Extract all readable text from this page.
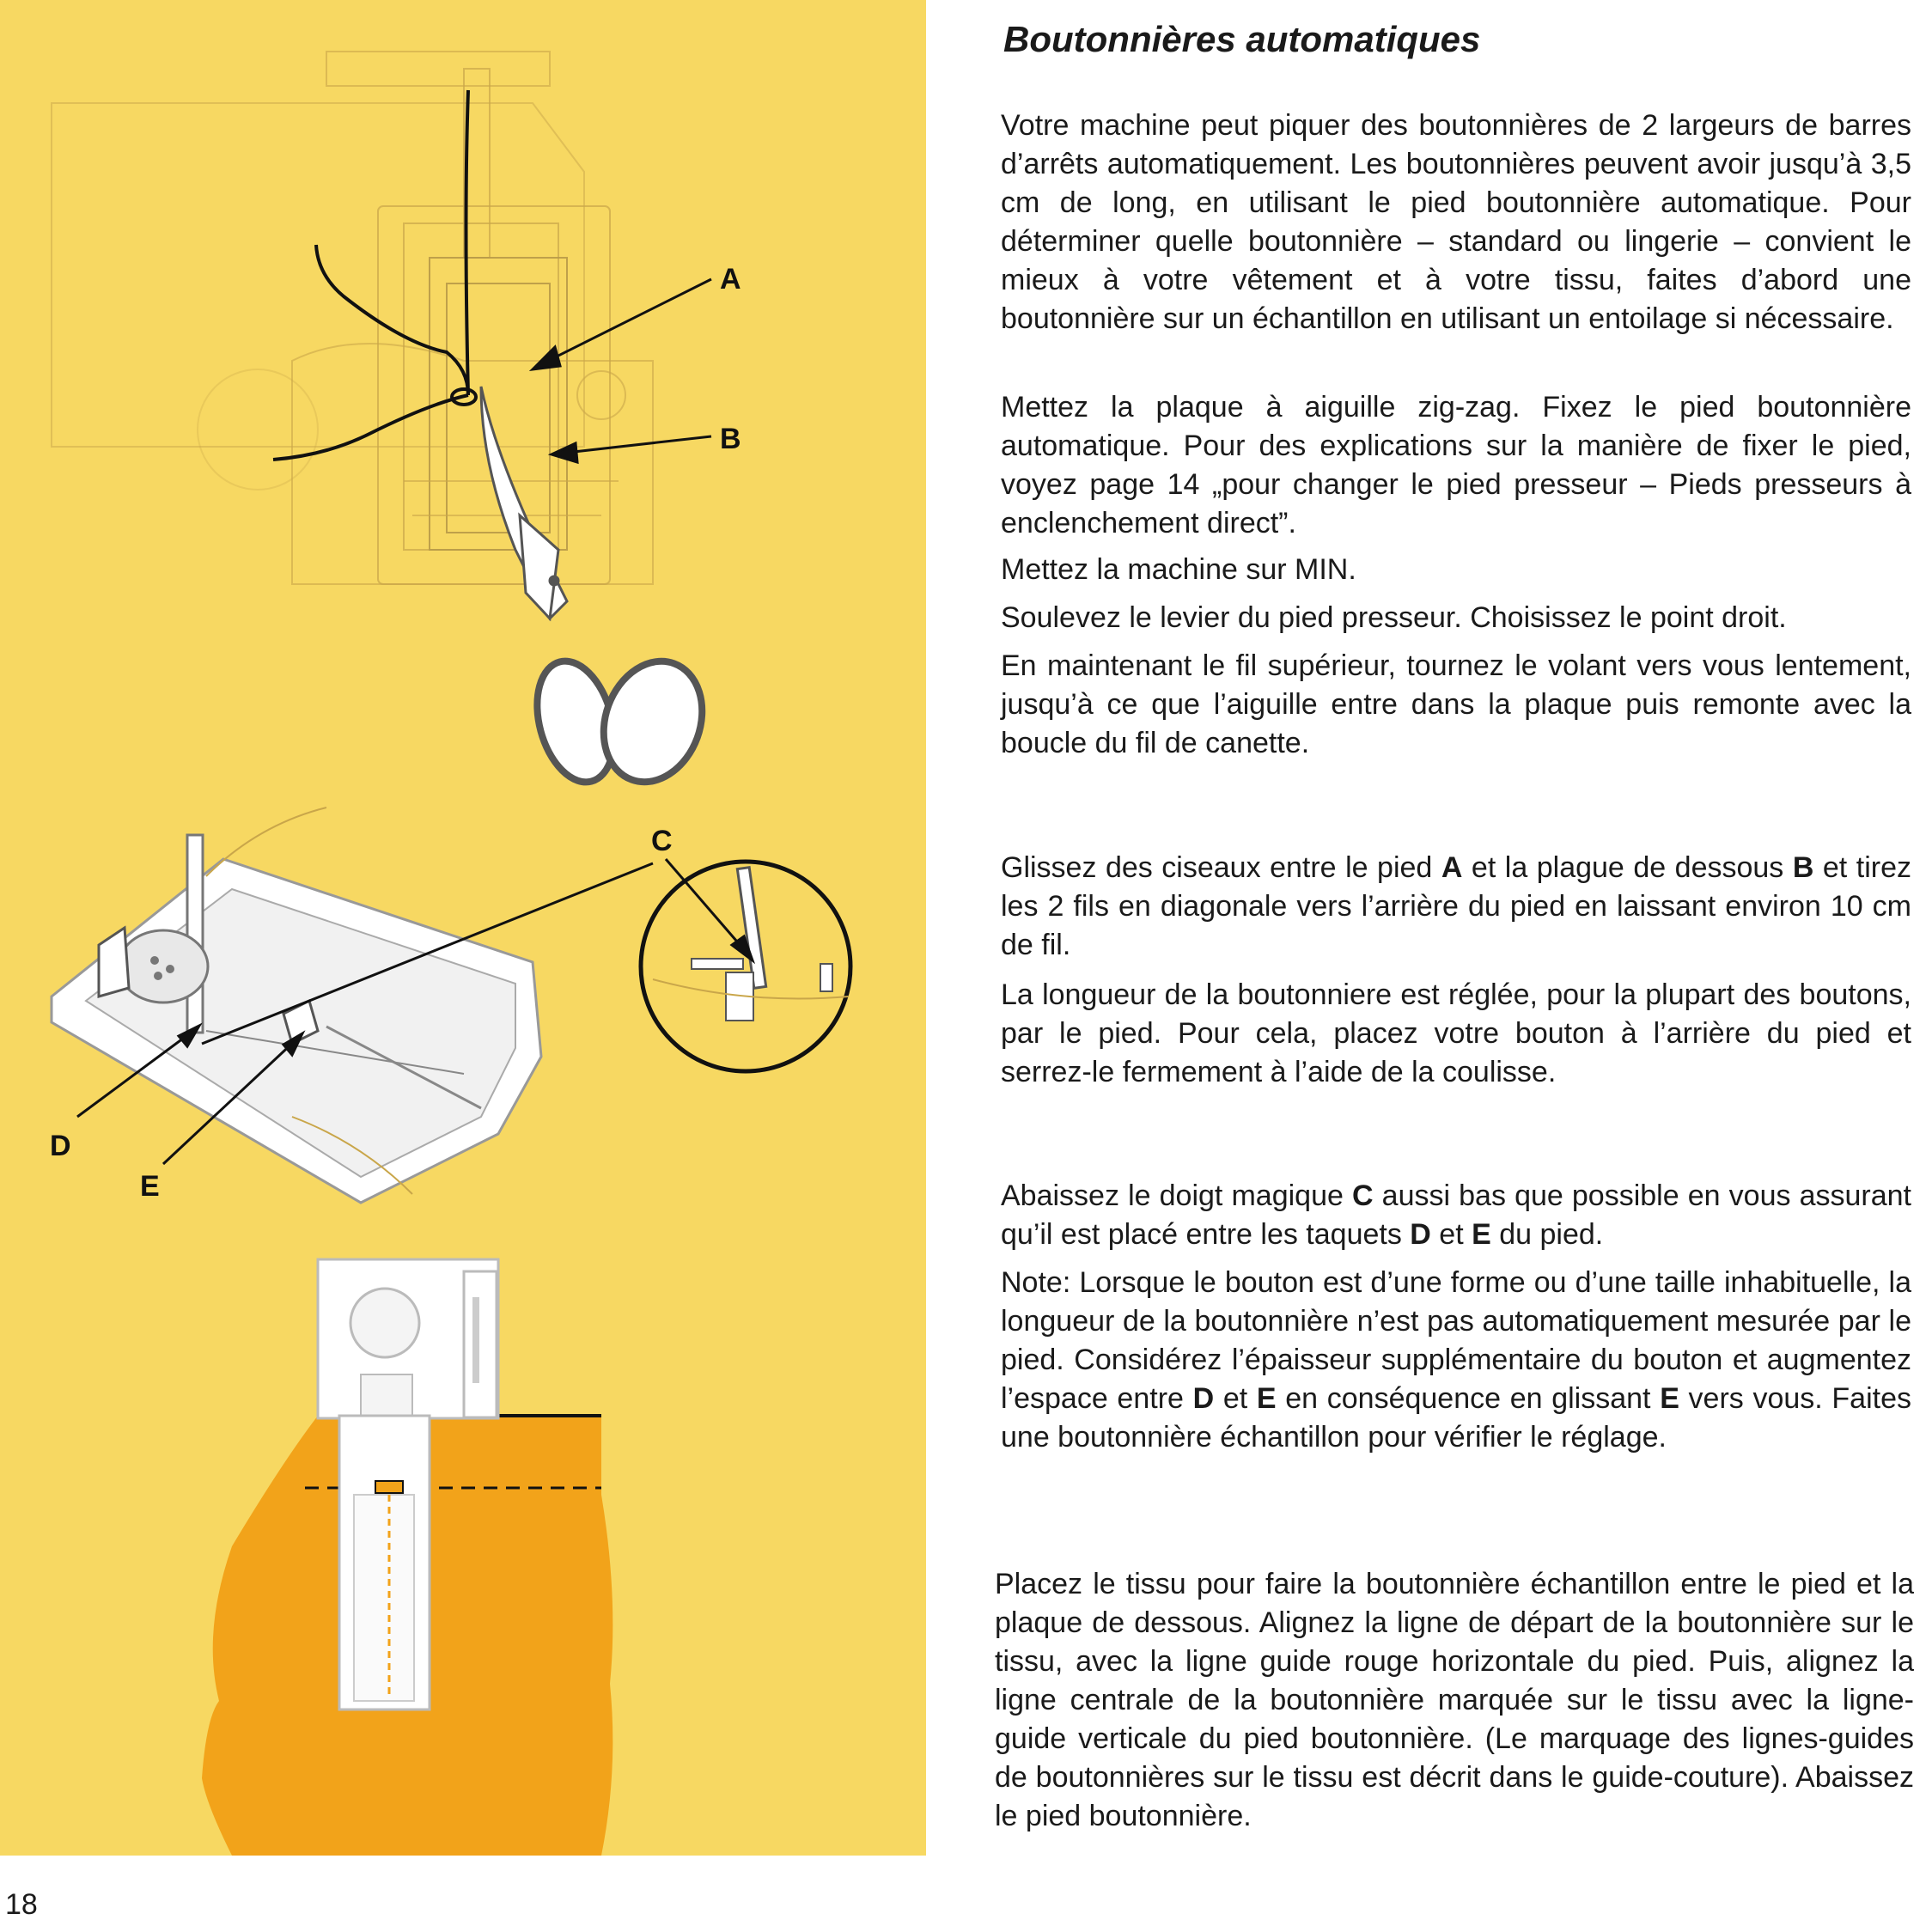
A
B
C
D
E
Boutonnières automatiques

Votre machine peut piquer des boutonnières de 2 largeurs de barres d’arrêts automatiquement. Les boutonnières peuvent avoir jusqu’à 3,5 cm de long, en utilisant le pied boutonnière automatique. Pour déterminer quelle boutonnière – standard ou lingerie – convient le mieux à votre vêtement et à votre tissu, faites d’abord une boutonnière sur un échantillon en utilisant un entoilage si nécessaire.

Mettez la plaque à aiguille zig-zag. Fixez le pied boutonnière automatique. Pour des explications sur la manière de fixer le pied, voyez page 14 „pour changer le pied presseur – Pieds presseurs à enclenchement direct”.

Mettez la machine sur MIN.

Soulevez le levier du pied presseur. Choisissez le point droit.

En maintenant le fil supérieur, tournez le volant vers vous lentement, jusqu’à ce que l’aiguille entre dans la plaque puis remonte avec la boucle du fil de canette.

Glissez des ciseaux entre le pied A et la plague de dessous B et tirez les 2 fils en diagonale vers l’arrière du pied en laissant environ 10 cm de fil.

La longueur de la boutonniere est réglée, pour la plupart des boutons, par le pied. Pour cela, placez votre bouton à l’arrière du pied et serrez-le fermement à l’aide de la coulisse.

Abaissez le doigt magique C aussi bas que possible en vous assurant qu’il est placé entre les taquets D et E du pied.

Note: Lorsque le bouton est d’une forme ou d’une taille inhabituelle, la longueur de la boutonnière n’est pas automatiquement mesurée par le pied. Considérez l’épaisseur supplémentaire du bouton et augmentez l’espace entre D et E en conséquence en glissant E vers vous. Faites une boutonnière échantillon pour vérifier le réglage.

Placez le tissu pour faire la boutonnière échantillon entre le pied et la plaque de dessous. Alignez la ligne de départ de la boutonnière sur le tissu, avec la ligne guide rouge horizontale du pied. Puis, alignez la ligne centrale de la boutonnière marquée sur le tissu avec la ligne-guide verticale du pied boutonnière. (Le marquage des lignes-guides de boutonnières sur le tissu est décrit dans le guide-couture). Abaissez le pied boutonnière.

18
